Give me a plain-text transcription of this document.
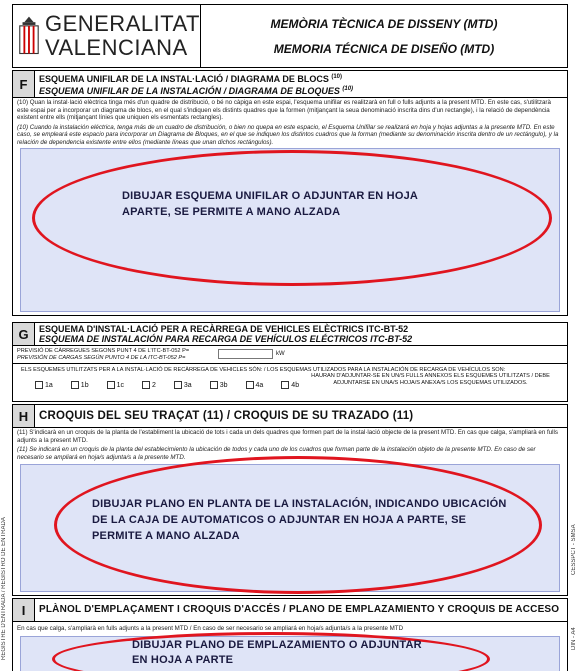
GENERALITAT
VALENCIANA
MEMÒRIA TÈCNICA DE DISSENY (MTD)
MEMORIA TÉCNICA DE DISEÑO (MTD)
F	ESQUEMA UNIFILAR DE LA INSTAL·LACIÓ / DIAGRAMA DE BLOCS $^{(10)}$
ESQUEMA UNIFILAR DE LA INSTALACIÓN / DIAGRAMA DE BLOQUES $^{(10)}$
(10) Quan la instal·lació elèctrica tinga més d'un quadre de distribució, o bé no càpiga en este espai, l'esquema unifilar es realitzarà en full o fulls adjunts a la present MTD. En este cas, s'utilitzarà este espai per a incorporar un diagrama de blocs, en el qual s'indiquen els distints quadres que la formen (mitjançant la seua denominació inscrita dins d'un rectangle), i la relació de dependència existent entre ells (mitjançant línies que uniquen els esmentats rectangles).
(10) Cuando la instalación eléctrica, tenga más de un cuadro de distribución, o bien no quepa en este espacio, el Esquema Unifilar se realizará en hoja y hojas adjuntas a la presente MTD. En este caso, se empleará este espacio para incorporar un Diagrama de Bloques, en el que se indiquen los distintos cuadros que la forman (mediante su denominación inscrita dentro de un rectángulo), y la relación de dependencia existente entre ellos (mediante líneas que unan dichos rectángulos).
DIBUJAR ESQUEMA UNIFILAR O ADJUNTAR EN HOJA APARTE, SE PERMITE A MANO ALZADA
G	ESQUEMA D'INSTAL·LACIÓ PER A RECÀRREGA DE VEHICLES ELÈCTRICS ITC-BT-52
ESQUEMA DE INSTALACIÓN PARA RECARGA DE VEHÍCULOS ELÉCTRICOS ITC-BT-52
PREVISIÓ DE CÀRREGUES SEGONS PUNT 4 DE L'ITC-BT-052 P=
PREVISIÓN DE CARGAS SEGÚN PUNTO 4 DE LA ITC-BT-052 P=
kW
ELS ESQUEMES UTILITZATS PER A LA INSTAL·LACIÓ DE RECÀRREGA DE VEHICLES SÓN: / LOS ESQUEMAS UTILIZADOS PARA LA INSTALACIÓN DE RECARGA DE VEHÍCULOS SON:
1a	1b	1c	2	3a	3b	4a	4b
HAURAN D'ADJUNTAR-SE EN UN/S FULLS ANNEXOS ELS ESQUEMES UTILITZATS / DEBE ADJUNTARSE EN UNA/S HOJA/S ANEXA/S LOS ESQUEMAS UTILIZADOS.
H CROQUIS DEL SEU TRAÇAT (11) / CROQUIS DE SU TRAZADO (11)
(11) S'indicarà en un croquis de la planta de l'establiment la ubicació de tots i cada un dels quadres que formen part de la instal·lació objecte de la present MTD. En cas que calga, s'ampliarà en fulls adjunts a la present MTD.
(11) Se indicará en un croquis de la planta del establecimiento la ubicación de todos y cada uno de los cuadros que forman parte de la instalación objeto de la presente MTD. En caso de ser necesario se ampliará en hoja/s adjunta/s a la presente MTD.
DIBUJAR PLANO EN PLANTA DE LA INSTALACIÓN, INDICANDO UBICACIÓN DE LA CAJA DE AUTOMATICOS O ADJUNTAR EN HOJA A PARTE, SE PERMITE A MANO ALZADA
I	PLÀNOL D'EMPLAÇAMENT I CROQUIS D'ACCÉS / PLANO DE EMPLAZAMIENTO Y CROQUIS DE ACCESO
En cas que calga, s'ampliarà en fulls adjunts a la present MTD / En caso de ser necesario se ampliará en hoja/s adjunta/s a la presente MTD
DIBUJAR PLANO DE EMPLAZAMIENTO O ADJUNTAR EN HOJA A PARTE
REGISTRE D'ENTRADA / REGISTRO DE ENTRADA	CESSPCT - SMSA
DIN - A4
